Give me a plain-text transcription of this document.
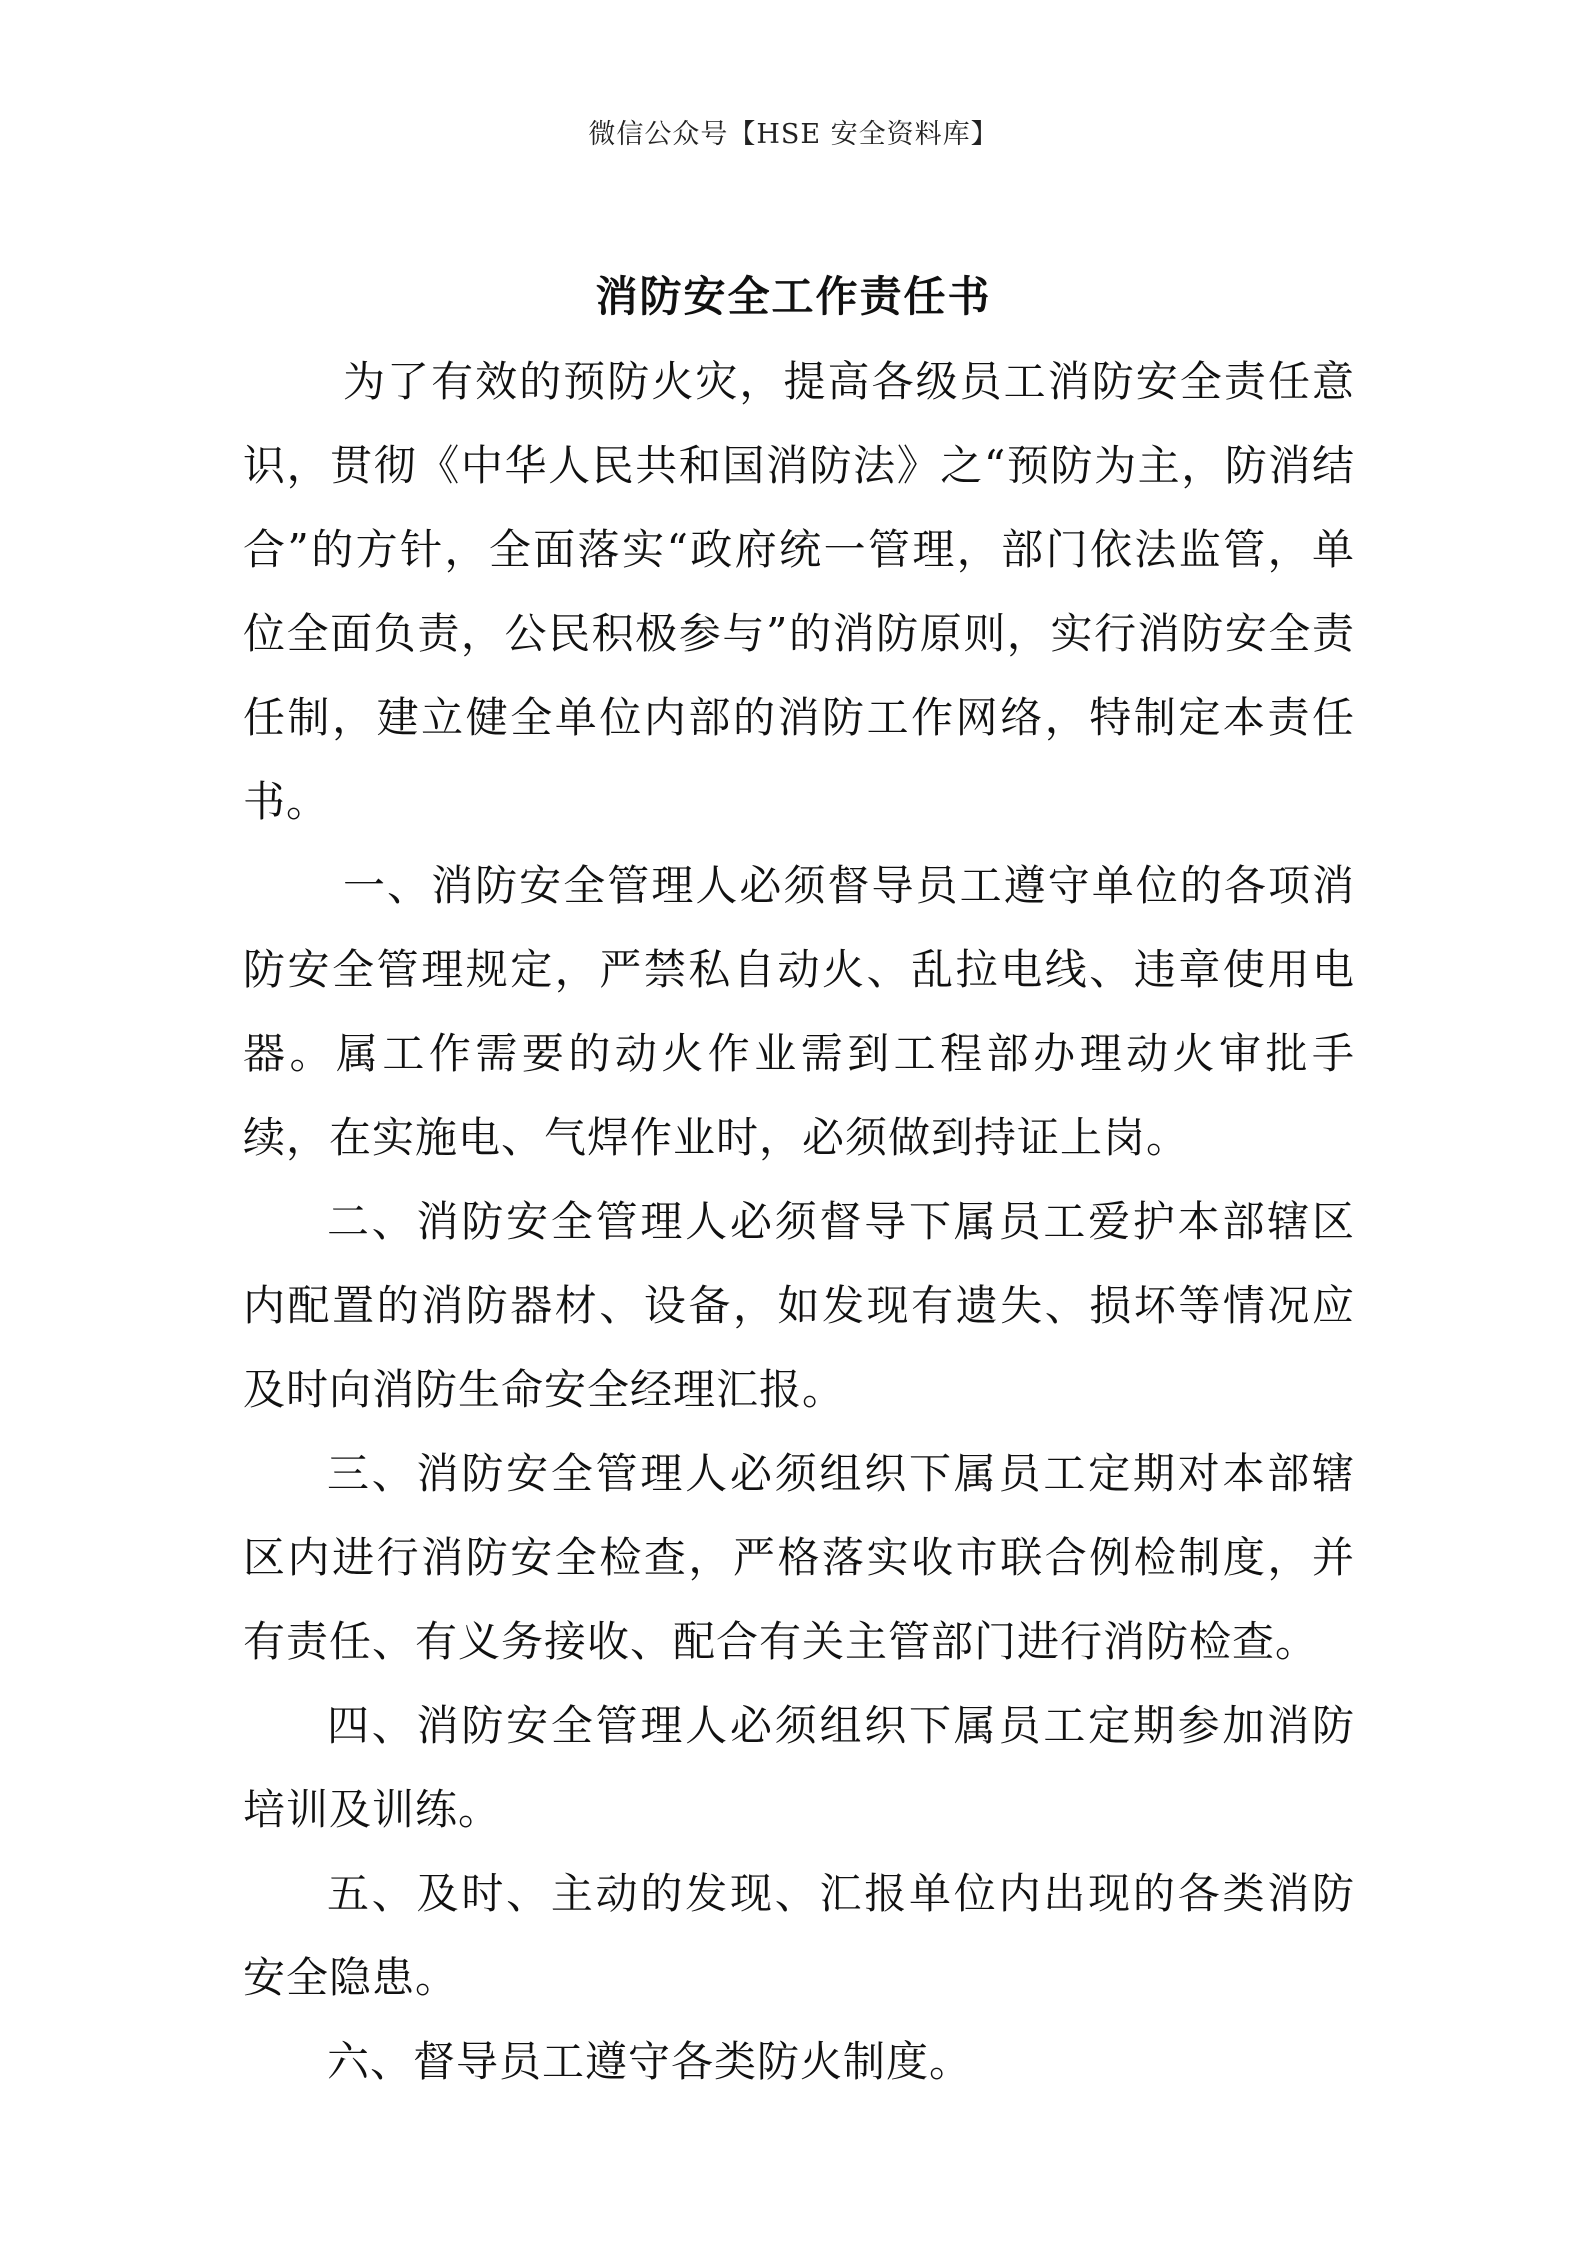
微信公众号【HSE 安全资料库】
消防安全工作责任书

为了有效的预防火灾，提高各级员工消防安全责任意识，贯彻《中华人民共和国消防法》之“预防为主，防消结合”的方针，全面落实“政府统一管理，部门依法监管，单位全面负责，公民积极参与”的消防原则，实行消防安全责任制，建立健全单位内部的消防工作网络，特制定本责任书。

一、消防安全管理人必须督导员工遵守单位的各项消防安全管理规定，严禁私自动火、乱拉电线、违章使用电器。属工作需要的动火作业需到工程部办理动火审批手续，在实施电、气焊作业时，必须做到持证上岗。

二、消防安全管理人必须督导下属员工爱护本部辖区内配置的消防器材、设备，如发现有遗失、损坏等情况应及时向消防生命安全经理汇报。

三、消防安全管理人必须组织下属员工定期对本部辖区内进行消防安全检查，严格落实收市联合例检制度，并有责任、有义务接收、配合有关主管部门进行消防检查。

四、消防安全管理人必须组织下属员工定期参加消防培训及训练。

五、及时、主动的发现、汇报单位内出现的各类消防安全隐患。

六、督导员工遵守各类防火制度。
